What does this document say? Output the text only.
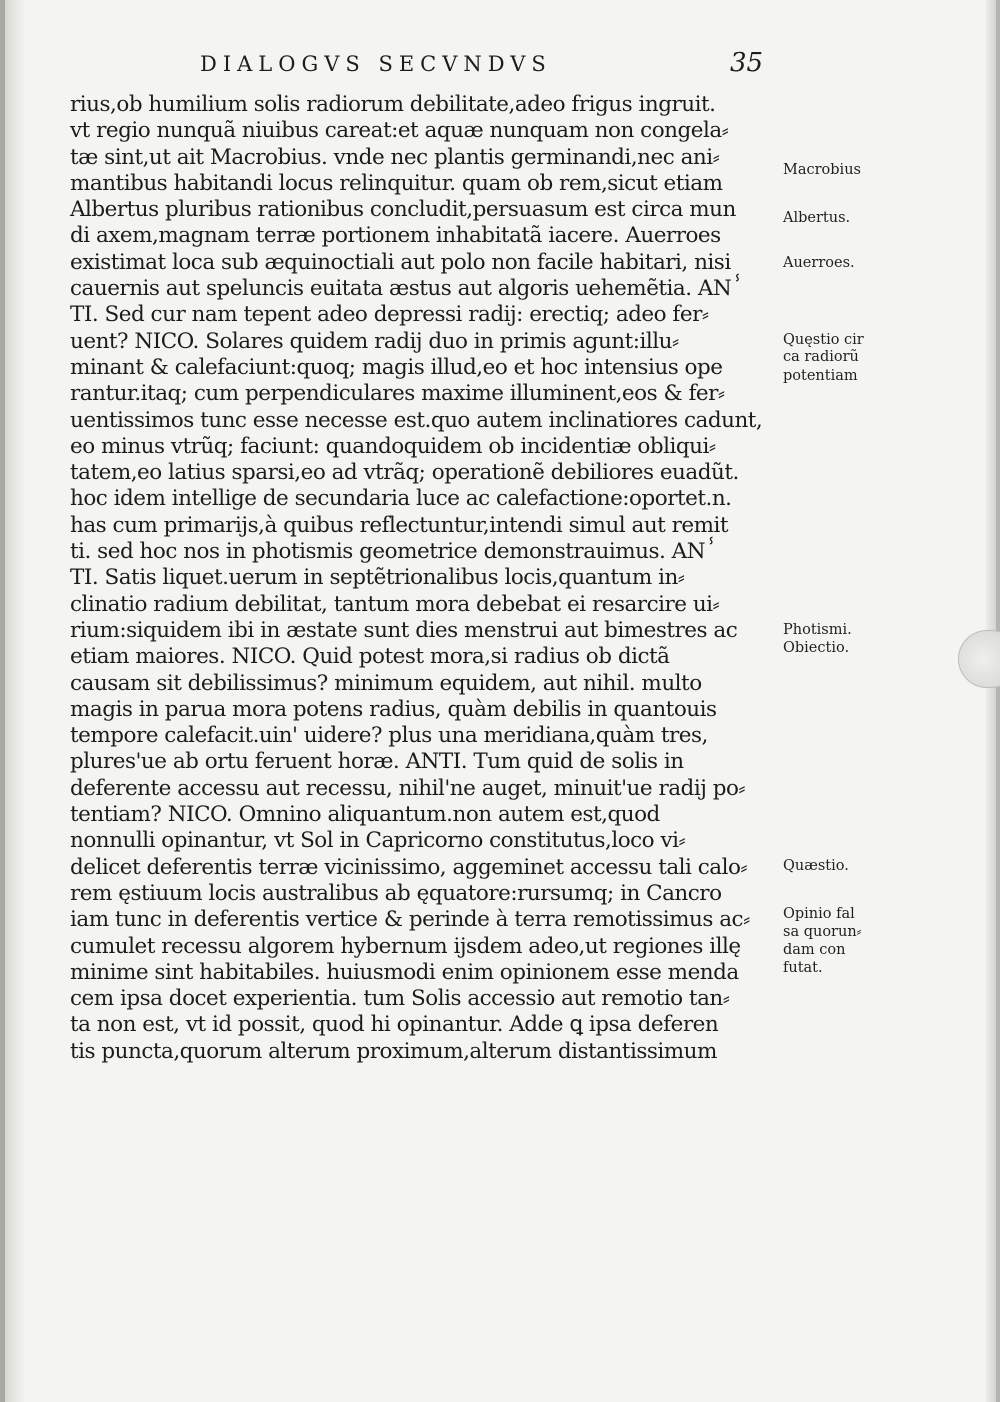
DIALOGVS SECVNDVS	35
rius,ob humilium solis radiorum debilitate,adeo frigus ingruit.
vt regio nunquã niuibus careat:et aquæ nunquam non congela⸗
tæ sint,ut ait Macrobius. vnde nec plantis germinandi,nec ani⸗
mantibus habitandi locus relinquitur. quam ob rem,sicut etiam
Albertus pluribus rationibus concludit,persuasum est circa mun
di axem,magnam terræ portionem inhabitatã iacere. Auerroes
existimat loca sub æquinoctiali aut polo non facile habitari, nisi
cauernis aut speluncis euitata æstus aut algoris uehemẽtia. ANⸯ
TI. Sed cur nam tepent adeo depressi radij: erectiq; adeo fer⸗
uent? NICO. Solares quidem radij duo in primis agunt:illu⸗
minant & calefaciunt:quoq; magis illud,eo et hoc intensius ope
rantur.itaq; cum perpendiculares maxime illuminent,eos & fer⸗
uentissimos tunc esse necesse est.quo autem inclinatiores cadunt,
eo minus vtrũq; faciunt: quandoquidem ob incidentiæ obliqui⸗
tatem,eo latius sparsi,eo ad vtrãq; operationẽ debiliores euadũt.
hoc idem intellige de secundaria luce ac calefactione:oportet.n.
has cum primarijs,à quibus reflectuntur,intendi simul aut remit
ti. sed hoc nos in photismis geometrice demonstrauimus. ANⸯ
TI. Satis liquet.uerum in septẽtrionalibus locis,quantum in⸗
clinatio radium debilitat, tantum mora debebat ei resarcire ui⸗
rium:siquidem ibi in æstate sunt dies menstrui aut bimestres ac
etiam maiores. NICO. Quid potest mora,si radius ob dictã
causam sit debilissimus? minimum equidem, aut nihil. multo
magis in parua mora potens radius, quàm debilis in quantouis
tempore calefacit.uin' uidere? plus una meridiana,quàm tres,
plures'ue ab ortu feruent horæ. ANTI. Tum quid de solis in
deferente accessu aut recessu, nihil'ne auget, minuit'ue radij po⸗
tentiam? NICO. Omnino aliquantum.non autem est,quod
nonnulli opinantur, vt Sol in Capricorno constitutus,loco vi⸗
delicet deferentis terræ vicinissimo, aggeminet accessu tali calo⸗
rem ęstiuum locis australibus ab ęquatore:rursumq; in Cancro
iam tunc in deferentis vertice & perinde à terra remotissimus ac⸗
cumulet recessu algorem hybernum ijsdem adeo,ut regiones illę
minime sint habitabiles. huiusmodi enim opinionem esse menda
cem ipsa docet experientia. tum Solis accessio aut remotio tan⸗
ta non est, vt id possit, quod hi opinantur. Adde ꝗ ipsa deferen
tis puncta,quorum alterum proximum,alterum distantissimum
Macrobius
Albertus.
Auerroes.
Quęstio cir
ca radiorũ
potentiam
Photismi.
Obiectio.
Quæstio.
Opinio fal
sa quorun⸗
dam con
futat.
